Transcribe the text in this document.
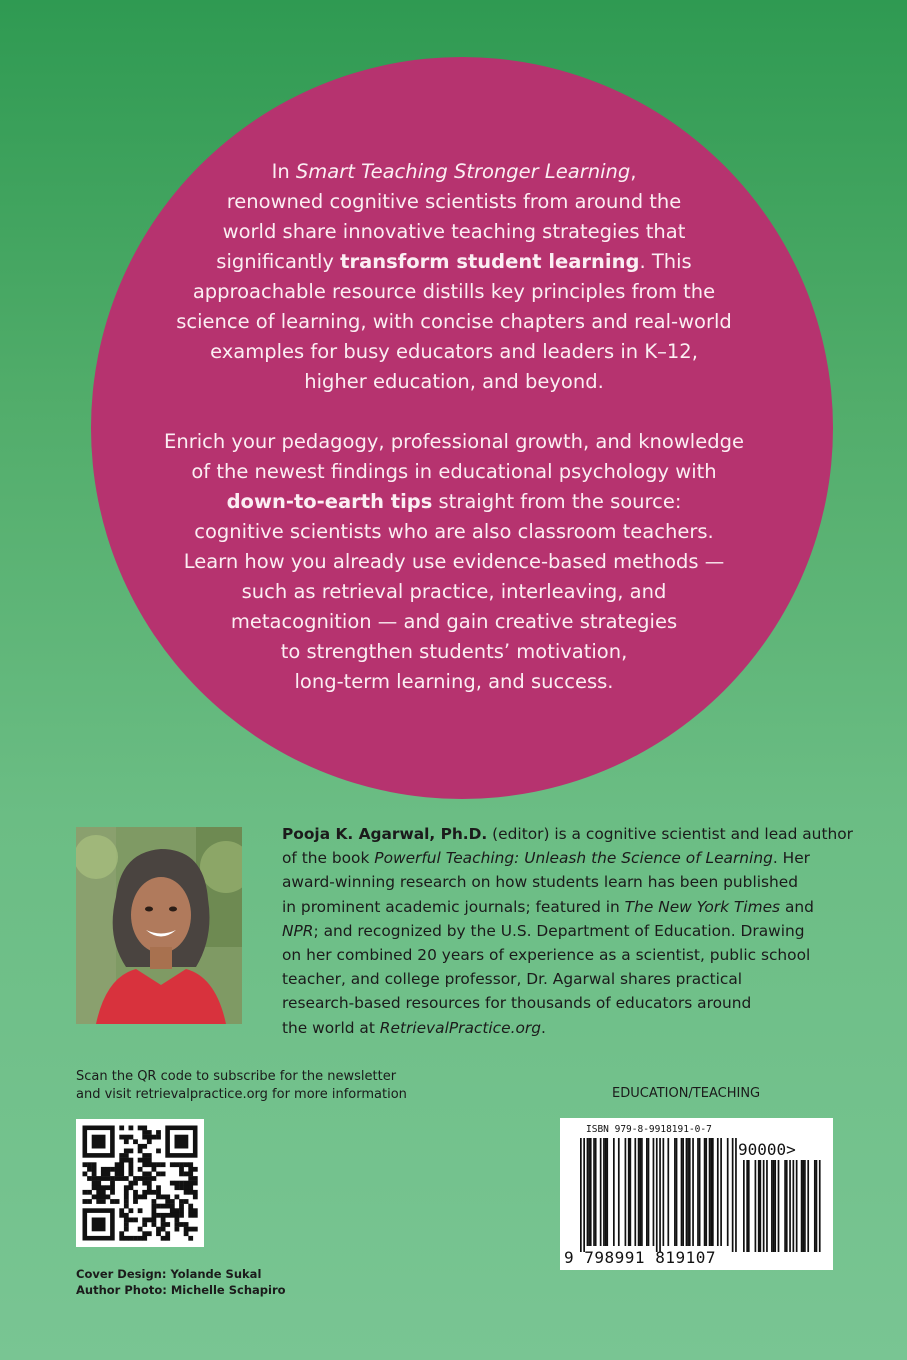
In Smart Teaching Stronger Learning,
renowned cognitive scientists from around the
world share innovative teaching strategies that
significantly transform student learning. This
approachable resource distills key principles from the
science of learning, with concise chapters and real-world
examples for busy educators and leaders in K–12,
higher education, and beyond.

Enrich your pedagogy, professional growth, and knowledge
of the newest findings in educational psychology with
down-to-earth tips straight from the source:
cognitive scientists who are also classroom teachers.
Learn how you already use evidence-based methods —
such as retrieval practice, interleaving, and
metacognition — and gain creative strategies
to strengthen students’ motivation,
long-term learning, and success.

Pooja K. Agarwal, Ph.D. (editor) is a cognitive scientist and lead author
of the book Powerful Teaching: Unleash the Science of Learning. Her
award-winning research on how students learn has been published
in prominent academic journals; featured in The New York Times and
NPR; and recognized by the U.S. Department of Education. Drawing
on her combined 20 years of experience as a scientist, public school
teacher, and college professor, Dr. Agarwal shares practical
research-based resources for thousands of educators around
the world at RetrievalPractice.org.

Scan the QR code to subscribe for the newsletter
and visit retrievalpractice.org for more information

Cover Design: Yolande Sukal
Author Photo: Michelle Schapiro

EDUCATION/TEACHING
ISBN 979-8-9918191-0-7
90000>
9 798991 819107
